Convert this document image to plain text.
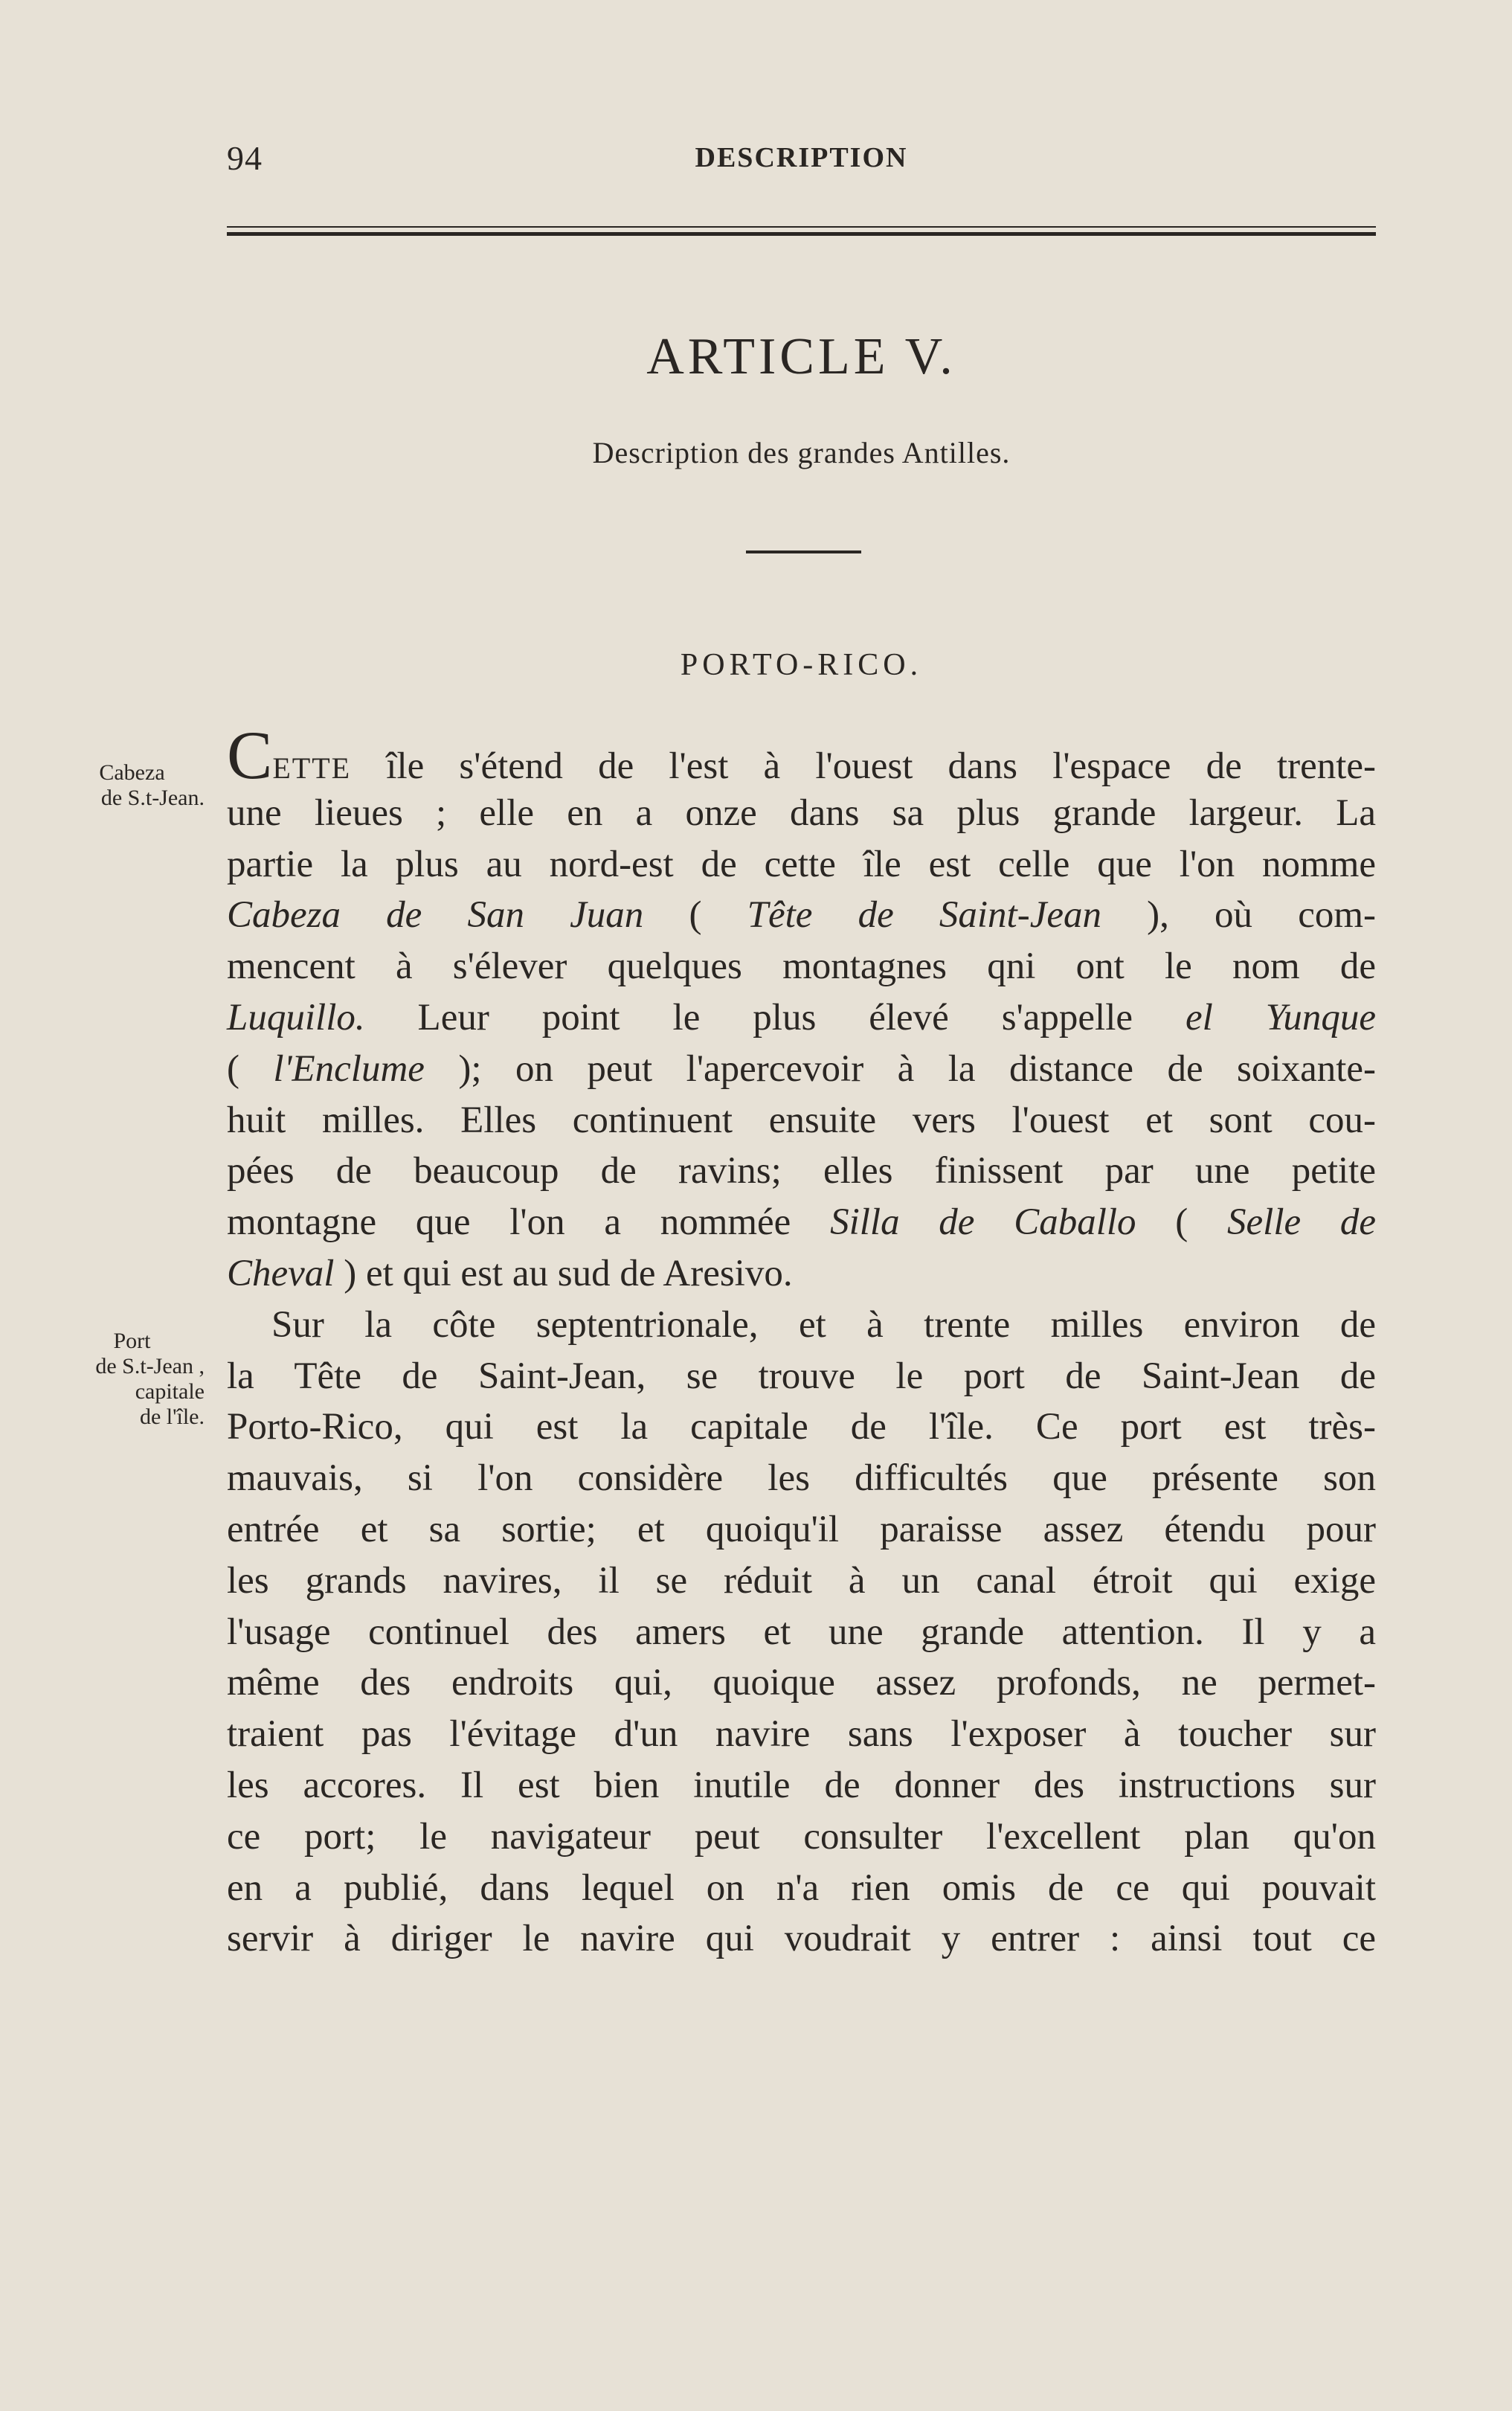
94	DESCRIPTION
ARTICLE V.
Description des grandes Antilles.
PORTO-RICO.
Cabeza
de S.t-Jean.
Port
de S.t-Jean ,
capitale
de l'île.
CETTE île s'étend de l'est à l'ouest dans l'espace de trente-
une lieues ; elle en a onze dans sa plus grande largeur. La
partie la plus au nord-est de cette île est celle que l'on nomme
Cabeza de San Juan ( Tête de Saint-Jean ), où com-
mencent à s'élever quelques montagnes qni ont le nom de
Luquillo. Leur point le plus élevé s'appelle el Yunque
( l'Enclume ); on peut l'apercevoir à la distance de soixante-
huit milles. Elles continuent ensuite vers l'ouest et sont cou-
pées de beaucoup de ravins; elles finissent par une petite
montagne que l'on a nommée Silla de Caballo ( Selle de
Cheval ) et qui est au sud de Aresivo.
Sur la côte septentrionale, et à trente milles environ de
la Tête de Saint-Jean, se trouve le port de Saint-Jean de
Porto-Rico, qui est la capitale de l'île. Ce port est très-
mauvais, si l'on considère les difficultés que présente son
entrée et sa sortie; et quoiqu'il paraisse assez étendu pour
les grands navires, il se réduit à un canal étroit qui exige
l'usage continuel des amers et une grande attention. Il y a
même des endroits qui, quoique assez profonds, ne permet-
traient pas l'évitage d'un navire sans l'exposer à toucher sur
les accores. Il est bien inutile de donner des instructions sur
ce port; le navigateur peut consulter l'excellent plan qu'on
en a publié, dans lequel on n'a rien omis de ce qui pouvait
servir à diriger le navire qui voudrait y entrer : ainsi tout ce
